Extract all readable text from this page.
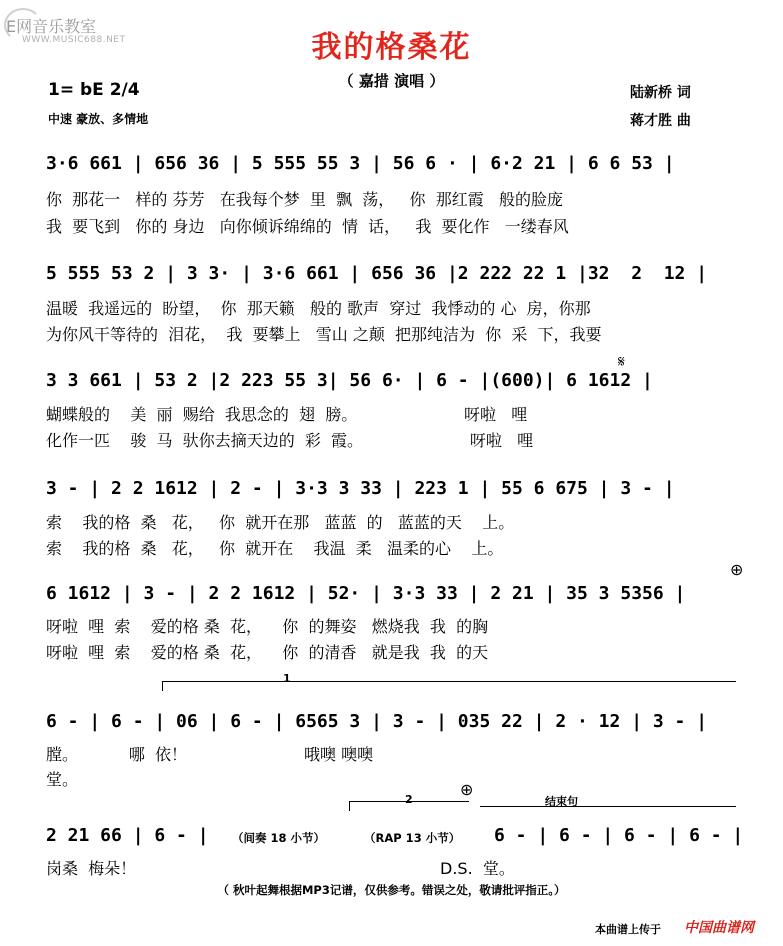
E网音乐教室
WWW.MUSIC688.NET	我的格桑花
（ 嘉措 演唱 ）
1= bE 2/4
中速 豪放、多情地
陆新桥 词
蒋才胜 曲
3·6 661 | 656 36 | 5 555 55 3 | 56 6 · | 6·2 21 | 6 6 53 |
你  那花一   样的 芬芳   在我每个梦  里  飘  荡，   你  那红霞   般的脸庞
我  要飞到   你的 身边   向你倾诉绵绵的  情  话，   我  要化作   一缕春风
5 555 53 2 | 3 3· | 3·6 661 | 656 36 |2 222 22 1 |32  2  12 |
温暖  我遥远的  盼望，  你  那天籁   般的 歌声  穿过  我悸动的 心  房，你那
为你风干等待的  泪花，  我  要攀上   雪山 之颠  把那纯洁为  你  采  下，我要
𝄋
3 3 661 | 53 2 |2 223 55 3| 56 6· | 6 - |(600)| 6 1612 |
蝴蝶般的    美  丽  赐给  我思念的  翅  膀。                     呀啦   哩
化作一匹    骏  马  驮你去摘天边的  彩  霞。                     呀啦   哩
3 - | 2 2 1612 | 2 - | 3·3 3 33 | 223 1 | 55 6 675 | 3 - |
索    我的格  桑   花，   你  就开在那   蓝蓝  的   蓝蓝的天    上。
索    我的格  桑   花，   你  就开在    我温  柔   温柔的心    上。
⊕
6 1612 | 3 - | 2 2 1612 | 52· | 3·3 33 | 2 21 | 35 3 5356 |
呀啦  哩  索    爱的格 桑  花，    你  的舞姿   燃烧我  我  的胸
呀啦  哩  索    爱的格 桑  花，    你  的清香   就是我  我  的天
1
6 - | 6 - | 06 | 6 - | 6565 3 | 3 - | 035 22 | 2 · 12 | 3 - |
膛。          哪  依！                       哦噢 噢噢
堂。
2
⊕
结束句
2 21 66 | 6 - | （间奏 18 小节）	（RAP 13 小节） 6 - | 6 - | 6 - | 6 - |
岗桑  梅朵！	D.S.  堂。
（ 秋叶起舞根据MP3记谱，仅供参考。错误之处，敬请批评指正。）
本曲谱上传于 中国曲谱网
